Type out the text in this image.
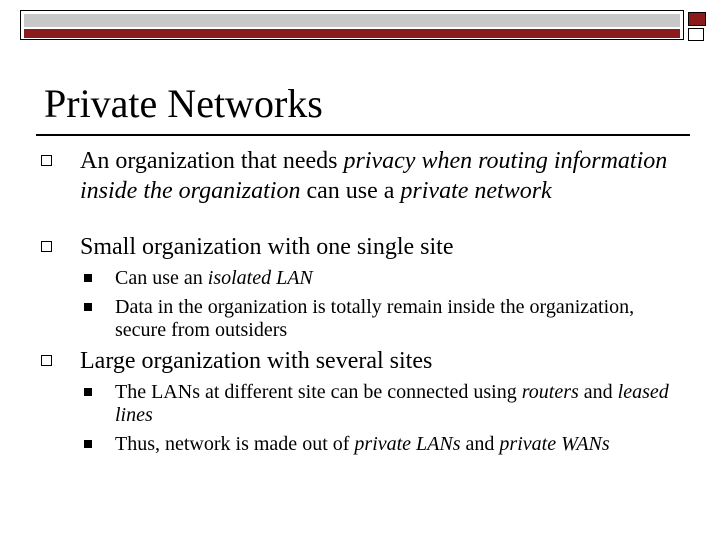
Private Networks
An organization that needs privacy when routing information inside the organization can use a private network
Small organization with one single site
Can use an isolated LAN
Data in the organization is totally remain inside the organization, secure from outsiders
Large organization with several sites
The LANs at different site can be connected using routers and leased lines
Thus, network is made out of private LANs and private WANs
